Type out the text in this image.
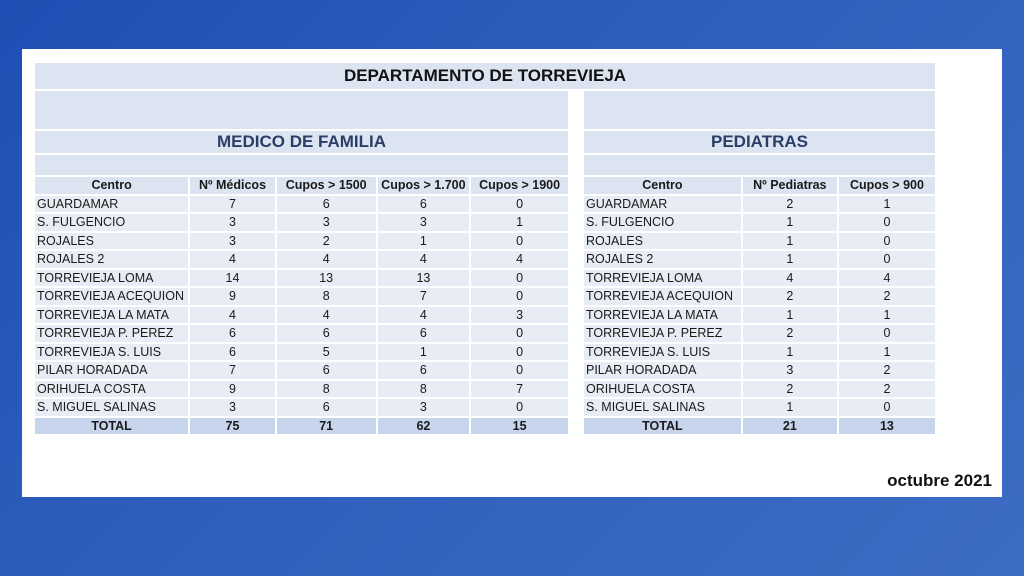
DEPARTAMENTO DE TORREVIEJA
MEDICO DE FAMILIA	PEDIATRAS
Centro	Nº Médicos	Cupos > 1500	Cupos > 1.700	Cupos > 1900
GUARDAMAR	7	6	6	0
S. FULGENCIO	3	3	3	1
ROJALES	3	2	1	0
ROJALES 2	4	4	4	4
TORREVIEJA LOMA	14	13	13	0
TORREVIEJA ACEQUION	9	8	7	0
TORREVIEJA LA MATA	4	4	4	3
TORREVIEJA P. PEREZ	6	6	6	0
TORREVIEJA S. LUIS	6	5	1	0
PILAR HORADADA	7	6	6	0
ORIHUELA COSTA	9	8	8	7
S. MIGUEL SALINAS	3	6	3	0
TOTAL	75	71	62	15
Centro	Nº Pediatras	Cupos > 900
GUARDAMAR	2	1
S. FULGENCIO	1	0
ROJALES	1	0
ROJALES 2	1	0
TORREVIEJA LOMA	4	4
TORREVIEJA ACEQUION	2	2
TORREVIEJA LA MATA	1	1
TORREVIEJA P. PEREZ	2	0
TORREVIEJA S. LUIS	1	1
PILAR HORADADA	3	2
ORIHUELA COSTA	2	2
S. MIGUEL SALINAS	1	0
TOTAL	21	13
octubre 2021
